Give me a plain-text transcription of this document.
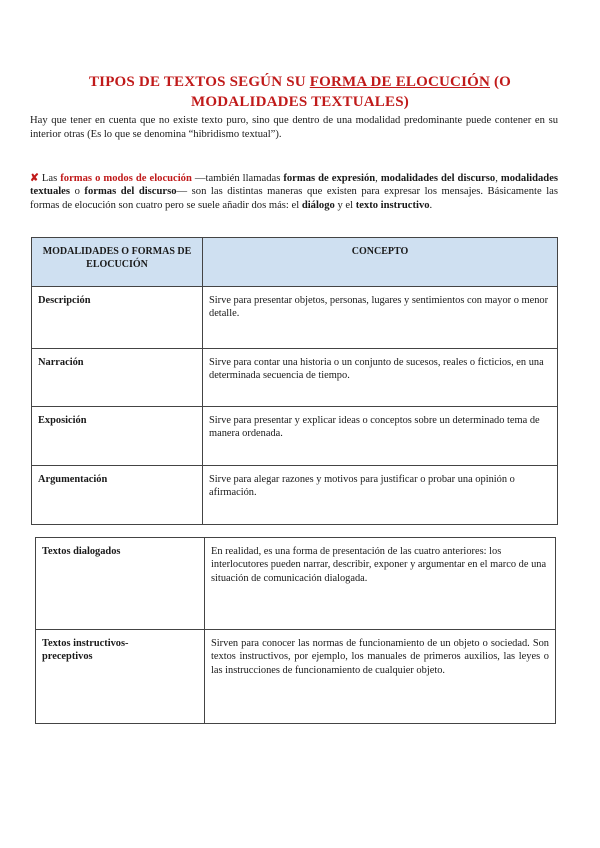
TIPOS DE TEXTOS SEGÚN SU FORMA DE ELOCUCIÓN (O MODALIDADES TEXTUALES)
Hay que tener en cuenta que no existe texto puro, sino que dentro de una modalidad predominante puede contener en su interior otras (Es lo que se denomina “hibridismo textual”).
✘ Las formas o modos de elocución —también llamadas formas de expresión, modalidades del discurso, modalidades textuales o formas del discurso— son las distintas maneras que existen para expresar los mensajes. Básicamente las formas de elocución son cuatro pero se suele añadir dos más: el diálogo y el texto instructivo.
MODALIDADES O FORMAS DE ELOCUCIÓN	CONCEPTO

Descripción	Sirve para presentar objetos, personas, lugares y sentimientos con mayor o menor detalle.

Narración	Sirve para contar una historia o un conjunto de sucesos, reales o ficticios, en una determinada secuencia de tiempo.

Exposición	Sirve para presentar y explicar ideas o conceptos sobre un determinado tema de manera ordenada.

Argumentación	Sirve para alegar razones y motivos para justificar o probar una opinión o afirmación.
Textos dialogados	En realidad, es una forma de presentación de las cuatro anteriores: los interlocutores pueden narrar, describir, exponer y argumentar en el marco de una situación de comunicación dialogada.

Textos instructivos-preceptivos	Sirven para conocer las normas de funcionamiento de un objeto o sociedad. Son textos instructivos, por ejemplo, los manuales de primeros auxilios, las leyes o las instrucciones de funcionamiento de cualquier objeto.
